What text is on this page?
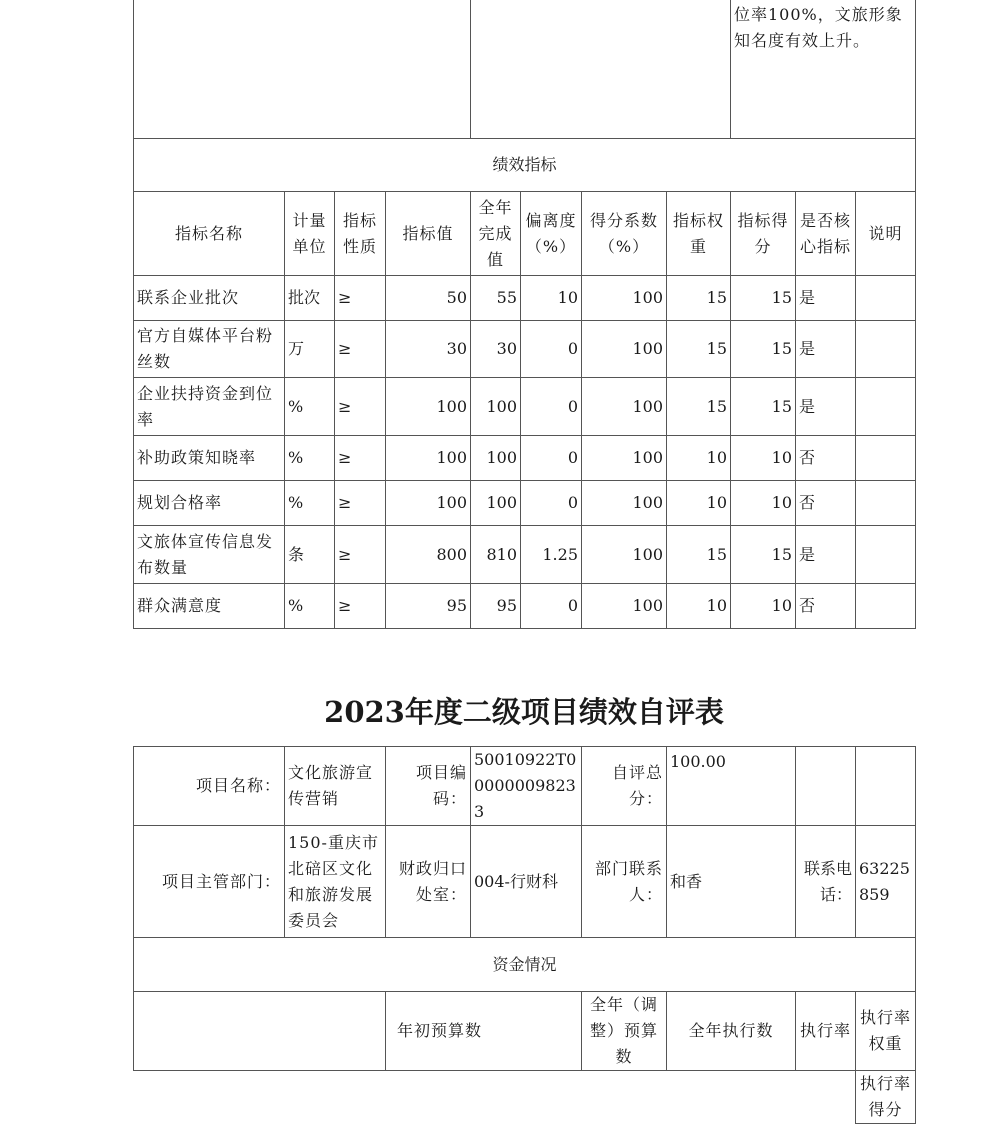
								位率100%，文旅形象知名度有效上升。		
绩效指标										
指标名称	计量单位	指标性质	指标值	全年完成值	偏离度（%）	得分系数（%）	指标权重	指标得分	是否核心指标	说明
联系企业批次	批次	≥	50	55	10	100	15	15	是	
官方自媒体平台粉丝数	万	≥	30	30	0	100	15	15	是	
企业扶持资金到位率	%	≥	100	100	0	100	15	15	是	
补助政策知晓率	%	≥	100	100	0	100	10	10	否	
规划合格率	%	≥	100	100	0	100	10	10	否	
文旅体宣传信息发布数量	条	≥	800	810	1.25	100	15	15	是	
群众满意度	%	≥	95	95	0	100	10	10	否	
2023年度二级项目绩效自评表
项目名称：	文化旅游宣传营销	项目编码：	50010922T000000098233	自评总分：	100.00		
项目主管部门：	150-重庆市北碚区文化和旅游发展委员会	财政归口处室：	004-行财科	部门联系人：	和香	联系电话：	63225859
资金情况							
		年初预算数		全年（调整）预算数	全年执行数	执行率	执行率权重
							执行率得分
